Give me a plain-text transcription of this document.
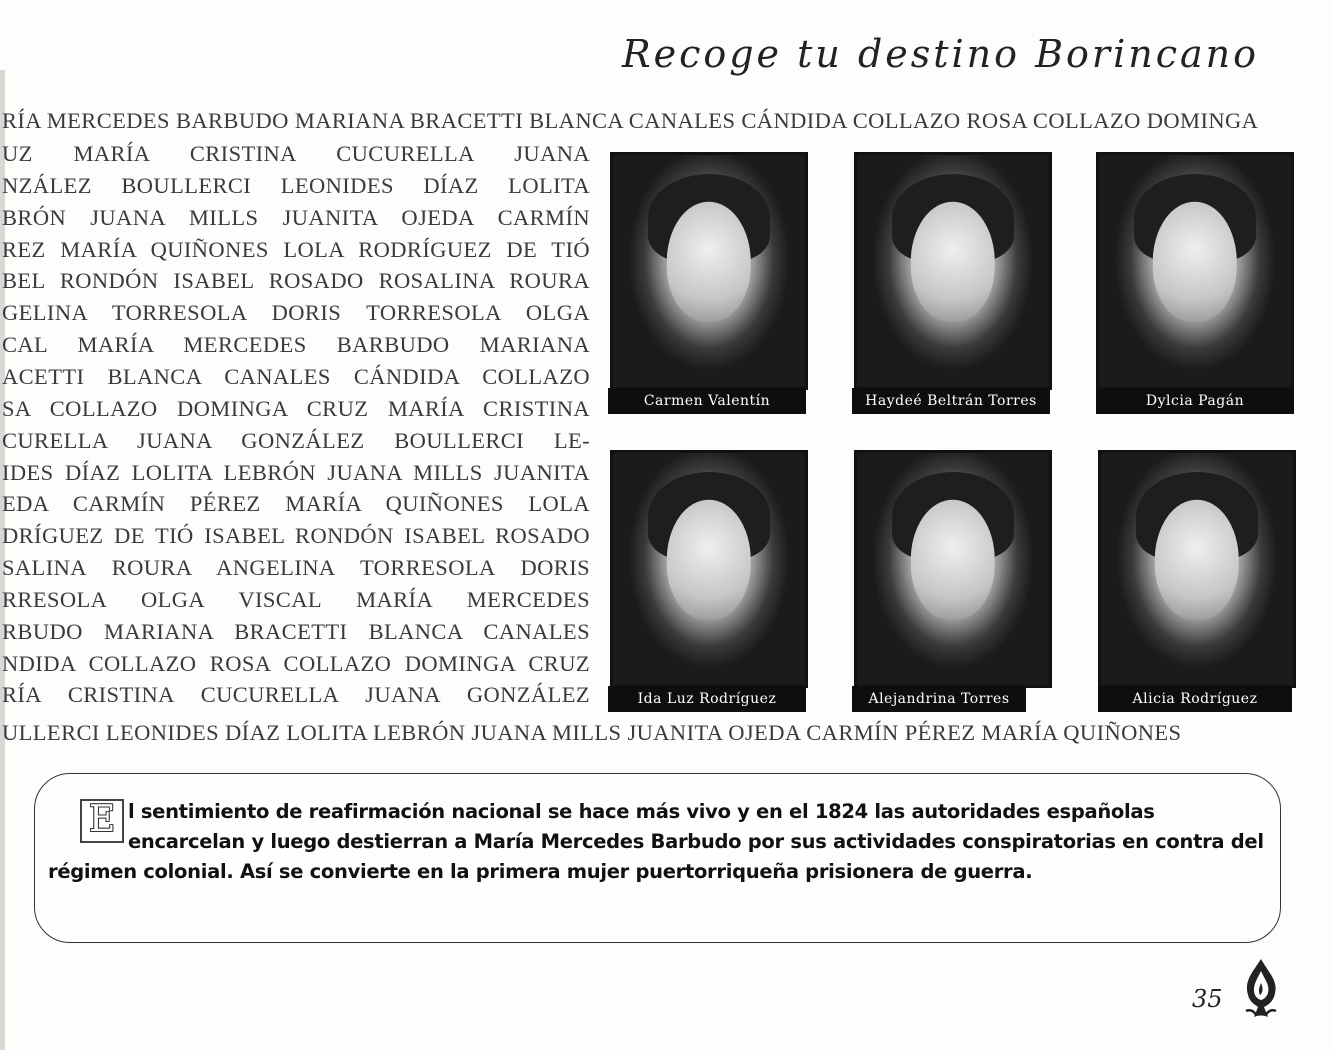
Recoge tu destino Borincano
RÍA MERCEDES BARBUDO MARIANA BRACETTI BLANCA CANALES CÁNDIDA COLLAZO ROSA COLLAZO DOMINGA
UZ MARÍA CRISTINA CUCURELLA JUANA
NZÁLEZ BOULLERCI LEONIDES DÍAZ LOLITA
BRÓN JUANA MILLS JUANITA OJEDA CARMÍN
REZ MARÍA QUIÑONES LOLA RODRÍGUEZ DE TIÓ
BEL RONDÓN ISABEL ROSADO ROSALINA ROURA
GELINA TORRESOLA DORIS TORRESOLA OLGA
CAL MARÍA MERCEDES BARBUDO MARIANA
ACETTI BLANCA CANALES CÁNDIDA COLLAZO
SA COLLAZO DOMINGA CRUZ MARÍA CRISTINA
CURELLA JUANA GONZÁLEZ BOULLERCI LE-
IDES DÍAZ LOLITA LEBRÓN JUANA MILLS JUANITA
EDA CARMÍN PÉREZ MARÍA QUIÑONES LOLA
DRÍGUEZ DE TIÓ ISABEL RONDÓN ISABEL ROSADO
SALINA ROURA ANGELINA TORRESOLA DORIS
RRESOLA OLGA VISCAL MARÍA MERCEDES
RBUDO MARIANA BRACETTI BLANCA CANALES
NDIDA COLLAZO ROSA COLLAZO DOMINGA CRUZ
RÍA CRISTINA CUCURELLA JUANA GONZÁLEZ
ULLERCI LEONIDES DÍAZ LOLITA LEBRÓN JUANA MILLS JUANITA OJEDA CARMÍN PÉREZ MARÍA QUIÑONES
Carmen Valentín	Haydeé Beltrán Torres	Dylcia Pagán
Ida Luz Rodríguez	Alejandrina Torres	Alicia Rodríguez
E l sentimiento de reafirmación nacional se hace más vivo y en el 1824 las autoridades españolas encarcelan y luego destierran a María Mercedes Barbudo por sus actividades conspiratorias en contra del régimen colonial. Así se convierte en la primera mujer puertorriqueña prisionera de guerra.
35
